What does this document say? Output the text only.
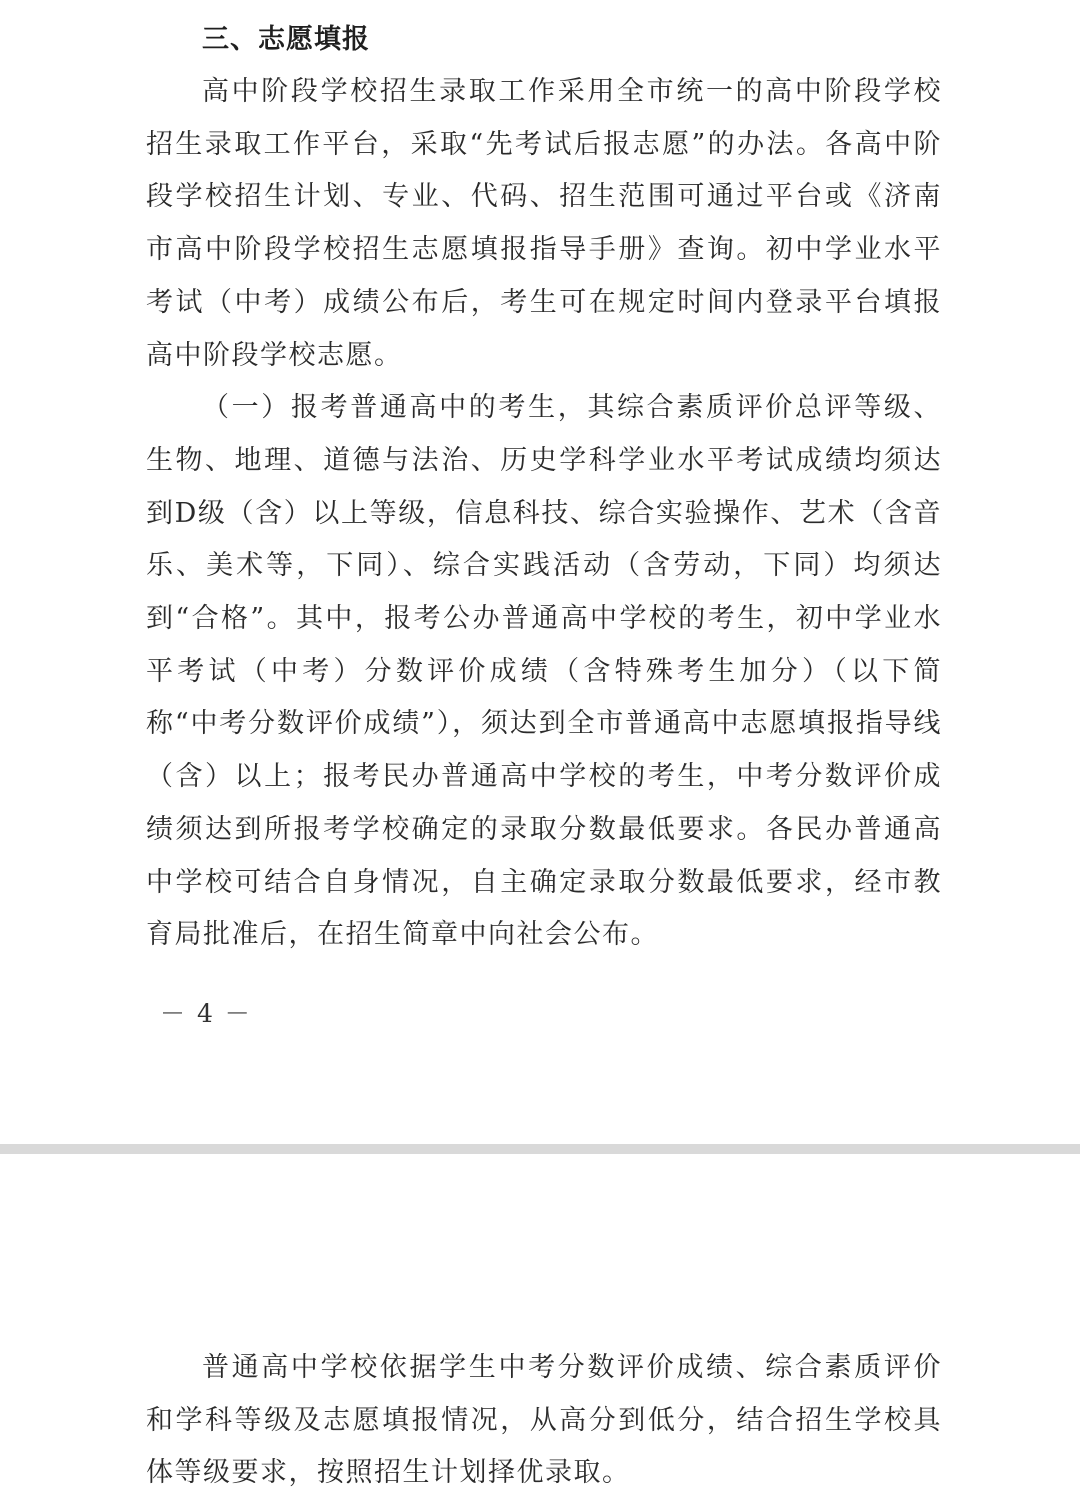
三、志愿填报

高中阶段学校招生录取工作采用全市统一的高中阶段学校招生录取工作平台，采取“先考试后报志愿”的办法。各高中阶段学校招生计划、专业、代码、招生范围可通过平台或《济南市高中阶段学校招生志愿填报指导手册》查询。初中学业水平考试（中考）成绩公布后，考生可在规定时间内登录平台填报高中阶段学校志愿。

（一）报考普通高中的考生，其综合素质评价总评等级、生物、地理、道德与法治、历史学科学业水平考试成绩均须达到D级（含）以上等级，信息科技、综合实验操作、艺术（含音乐、美术等，下同）、综合实践活动（含劳动，下同）均须达到“合格”。其中，报考公办普通高中学校的考生，初中学业水平考试（中考）分数评价成绩（含特殊考生加分）（以下简称“中考分数评价成绩”），须达到全市普通高中志愿填报指导线（含）以上；报考民办普通高中学校的考生，中考分数评价成绩须达到所报考学校确定的录取分数最低要求。各民办普通高中学校可结合自身情况，自主确定录取分数最低要求，经市教育局批准后，在招生简章中向社会公布。

－ 4 －

普通高中学校依据学生中考分数评价成绩、综合素质评价和学科等级及志愿填报情况，从高分到低分，结合招生学校具体等级要求，按照招生计划择优录取。
